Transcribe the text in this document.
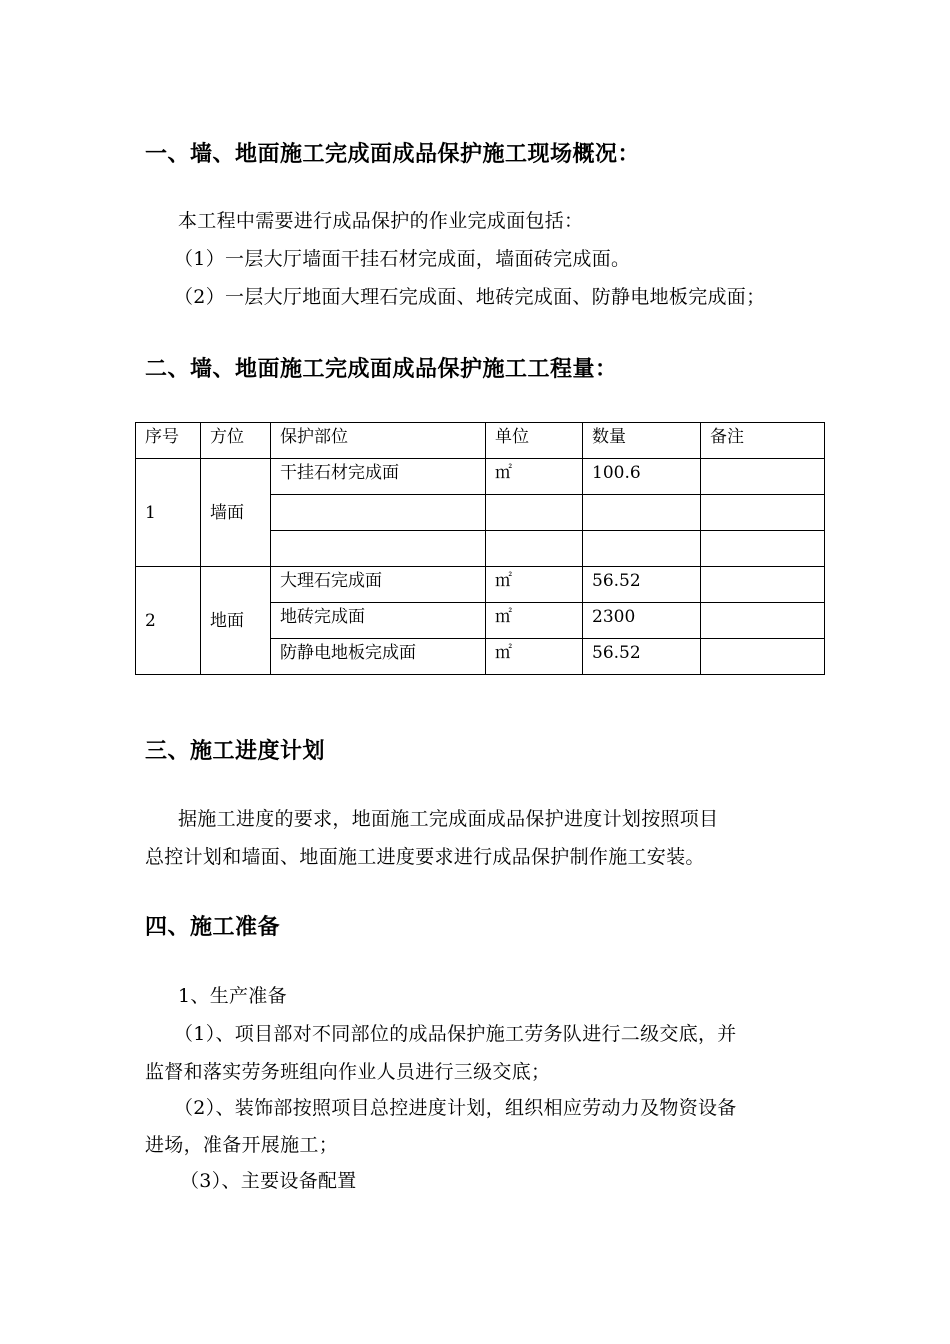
一、墙、地面施工完成面成品保护施工现场概况：
本工程中需要进行成品保护的作业完成面包括：
（1）一层大厅墙面干挂石材完成面，墙面砖完成面。
（2）一层大厅地面大理石完成面、地砖完成面、防静电地板完成面；
二、墙、地面施工完成面成品保护施工工程量：
序号	方位	保护部位	单位	数量	备注
1	墙面	干挂石材完成面	㎡	100.6	

2	地面	大理石完成面	㎡	56.52	
		地砖完成面	㎡	2300	
		防静电地板完成面	㎡	56.52	
三、施工进度计划
据施工进度的要求，地面施工完成面成品保护进度计划按照项目
总控计划和墙面、地面施工进度要求进行成品保护制作施工安装。
四、施工准备
1、生产准备
（1）、项目部对不同部位的成品保护施工劳务队进行二级交底，并
监督和落实劳务班组向作业人员进行三级交底；
（2）、装饰部按照项目总控进度计划，组织相应劳动力及物资设备
进场，准备开展施工；
（3）、主要设备配置
